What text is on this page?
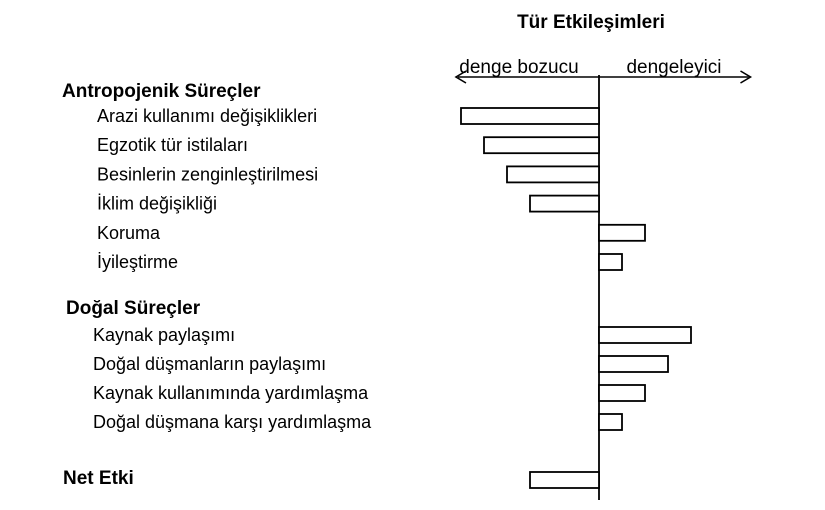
Tür Etkileşimleri
denge bozucu	dengeleyici
Antropojenik Süreçler
Arazi kullanımı değişiklikleri
Egzotik tür istilaları
Besinlerin zenginleştirilmesi
İklim değişikliği
Koruma
İyileştirme
Doğal Süreçler
Kaynak paylaşımı
Doğal düşmanların paylaşımı
Kaynak kullanımında yardımlaşma
Doğal düşmana karşı yardımlaşma
Net Etki
